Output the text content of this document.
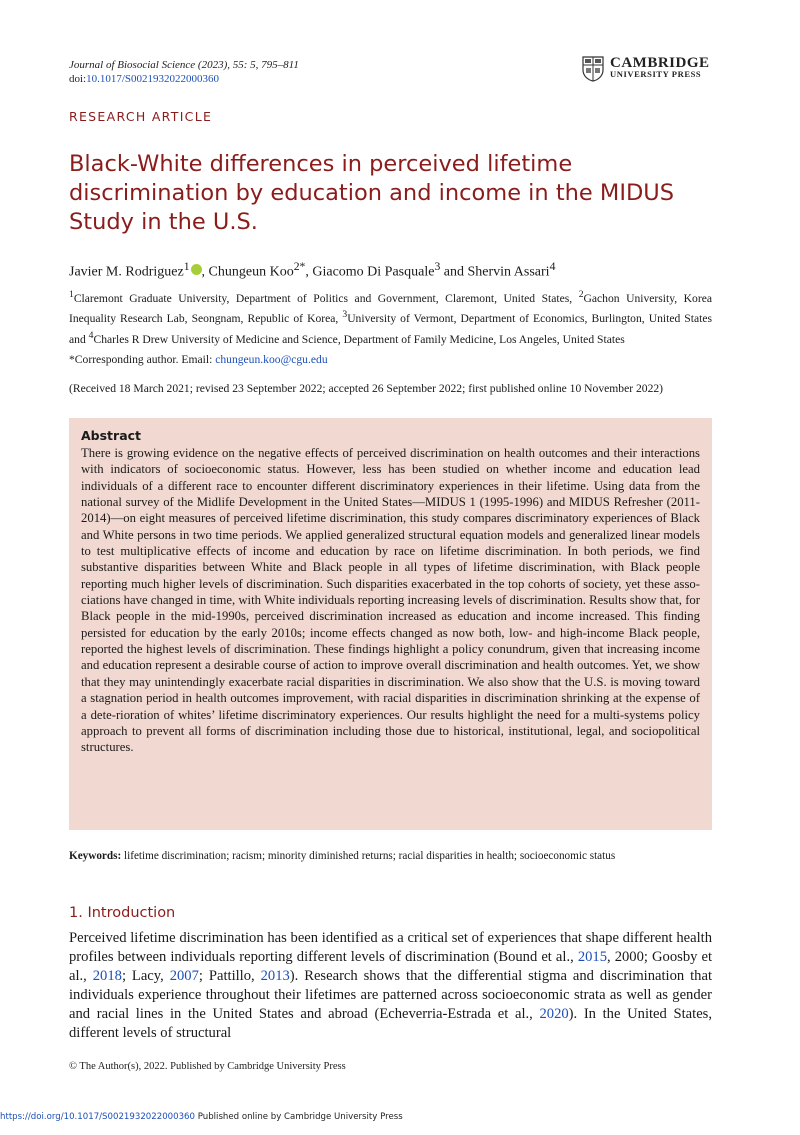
Journal of Biosocial Science (2023), 55: 5, 795–811
doi:10.1017/S0021932022000360
CAMBRIDGE
UNIVERSITY PRESS
RESEARCH ARTICLE
Black-White differences in perceived lifetime discrimination by education and income in the MIDUS Study in the U.S.
Javier M. Rodriguez$^1$ , Chungeun Koo$^{2*}$, Giacomo Di Pasquale$^3$ and Shervin Assari$^4$
$^1$Claremont Graduate University, Department of Politics and Government, Claremont, United States, $^2$Gachon University, Korea Inequality Research Lab, Seongnam, Republic of Korea, $^3$University of Vermont, Department of Economics, Burlington, United States and $^4$Charles R Drew University of Medicine and Science, Department of Family Medicine, Los Angeles, United States
*Corresponding author. Email: chungeun.koo@cgu.edu
(Received 18 March 2021; revised 23 September 2022; accepted 26 September 2022; first published online 10 November 2022)
Abstract
There is growing evidence on the negative effects of perceived discrimination on health outcomes and their interactions with indicators of socioeconomic status. However, less has been studied on whether income and education lead individuals of a different race to encounter different discriminatory experiences in their lifetime. Using data from the national survey of the Midlife Development in the United States—MIDUS 1 (1995-1996) and MIDUS Refresher (2011-2014)—on eight measures of perceived lifetime discrimination, this study compares discriminatory experiences of Black and White persons in two time periods. We applied generalized structural equation models and generalized linear models to test multiplicative effects of income and education by race on lifetime discrimination. In both periods, we find substantive disparities between White and Black people in all types of lifetime discrimination, with Black people reporting much higher levels of discrimination. Such disparities exacerbated in the top cohorts of society, yet these asso-ciations have changed in time, with White individuals reporting increasing levels of discrimination. Results show that, for Black people in the mid-1990s, perceived discrimination increased as education and income increased. This finding persisted for education by the early 2010s; income effects changed as now both, low- and high-income Black people, reported the highest levels of discrimination. These findings highlight a policy conundrum, given that increasing income and education represent a desirable course of action to improve overall discrimination and health outcomes. Yet, we show that they may unintendingly exacerbate racial disparities in discrimination. We also show that the U.S. is moving toward a stagnation period in health outcomes improvement, with racial disparities in discrimination shrinking at the expense of a dete-rioration of whites’ lifetime discriminatory experiences. Our results highlight the need for a multi-systems policy approach to prevent all forms of discrimination including those due to historical, institutional, legal, and sociopolitical structures.
Keywords: lifetime discrimination; racism; minority diminished returns; racial disparities in health; socioeconomic status
1. Introduction
Perceived lifetime discrimination has been identified as a critical set of experiences that shape different health profiles between individuals reporting different levels of discrimination (Bound et al., 2015, 2000; Goosby et al., 2018; Lacy, 2007; Pattillo, 2013). Research shows that the differential stigma and discrimination that individuals experience throughout their lifetimes are patterned across socioeconomic strata as well as gender and racial lines in the United States and abroad (Echeverria-Estrada et al., 2020). In the United States, different levels of structural
© The Author(s), 2022. Published by Cambridge University Press
https://doi.org/10.1017/S0021932022000360 Published online by Cambridge University Press
